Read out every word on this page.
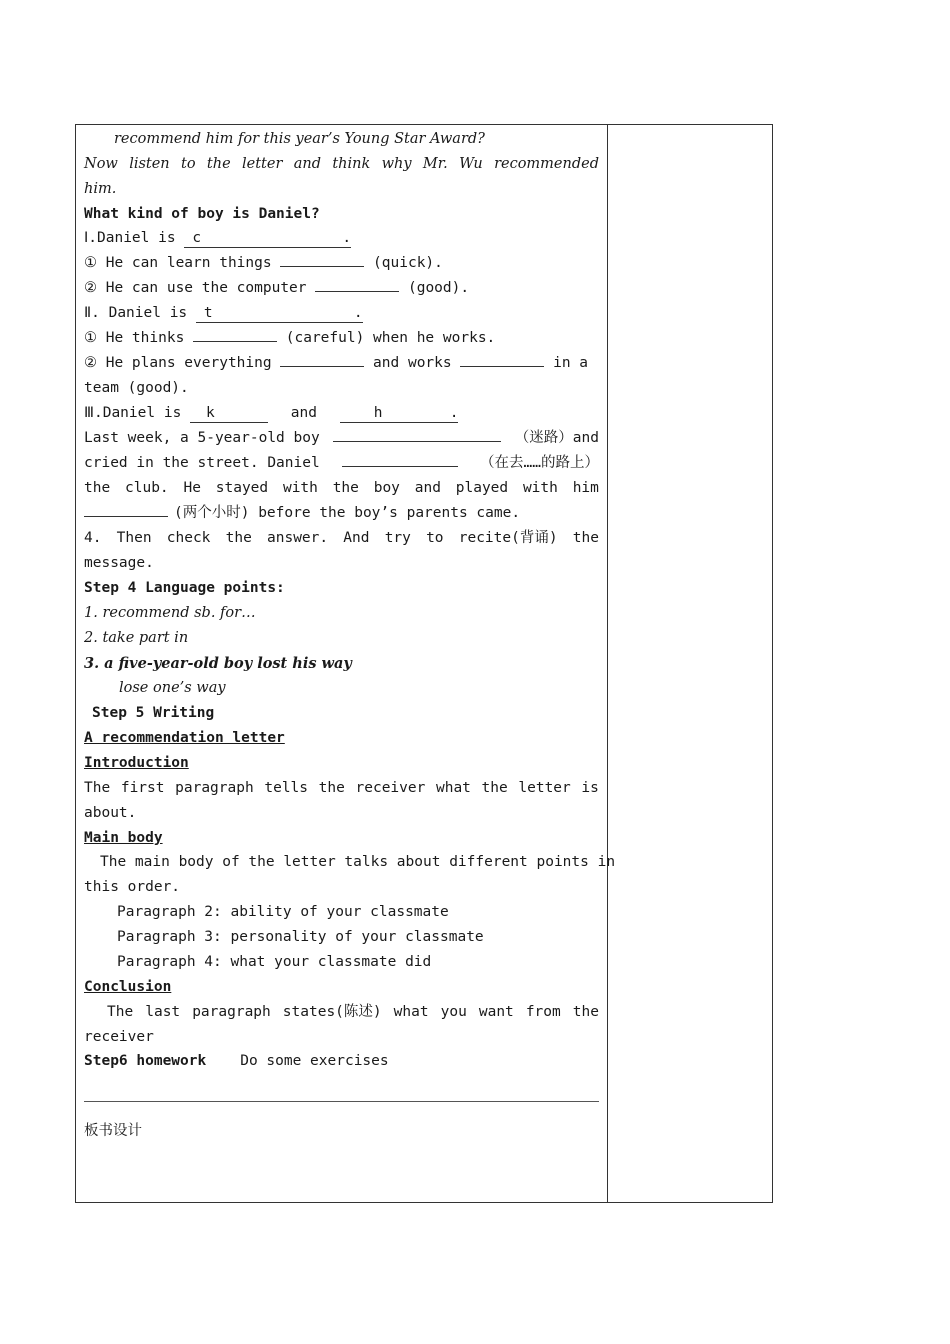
recommend him for this year’s Young Star Award?
Now listen to the letter and think why Mr. Wu recommended
him.
What kind of boy is Daniel?
Ⅰ.Daniel is c	.
① He can learn things	(quick).
② He can use the computer	(good).
Ⅱ. Daniel is t	.
① He thinks	(careful) when he works.
② He plans everything	and works	in a
team (good).
Ⅲ.Daniel is k	and	h	.
Last week, a 5-year-old boy	（迷路）and
cried in the street. Daniel	（在去……的路上）
the club. He stayed with the boy and played with him
(两个小时) before the boy’s parents came.
4. Then check the answer. And try to recite(背诵) the
message.
Step 4 Language points:
1. recommend sb. for…
2. take part in
3. a five-year-old boy lost his way
lose one’s way
Step 5 Writing
A recommendation letter
Introduction
The first paragraph tells the receiver what the letter is
about.
Main body
The main body of the letter talks about different points in
this order.
Paragraph 2: ability of your classmate
Paragraph 3: personality of your classmate
Paragraph 4: what your classmate did
Conclusion
The last paragraph states(陈述) what you want from the
receiver
Step6 homework Do some exercises
板书设计
